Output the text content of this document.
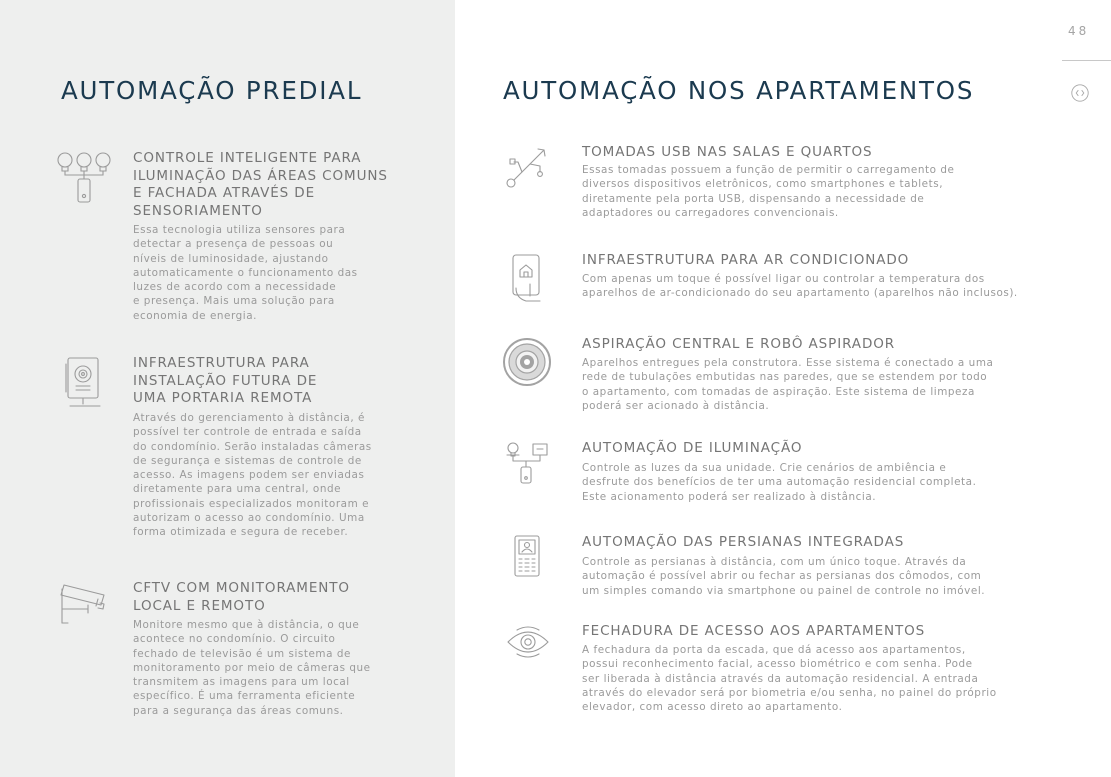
48
AUTOMAÇÃO PREDIAL	AUTOMAÇÃO NOS APARTAMENTOS
CONTROLE INTELIGENTE PARA
ILUMINAÇÃO DAS ÁREAS COMUNS
E FACHADA ATRAVÉS DE
SENSORIAMENTO
Essa tecnologia utiliza sensores para
detectar a presença de pessoas ou
níveis de luminosidade, ajustando
automaticamente o funcionamento das
luzes de acordo com a necessidade
e presença. Mais uma solução para
economia de energia.
INFRAESTRUTURA PARA
INSTALAÇÃO FUTURA DE
UMA PORTARIA REMOTA
Através do gerenciamento à distância, é
possível ter controle de entrada e saída
do condomínio. Serão instaladas câmeras
de segurança e sistemas de controle de
acesso. As imagens podem ser enviadas
diretamente para uma central, onde
profissionais especializados monitoram e
autorizam o acesso ao condomínio. Uma
forma otimizada e segura de receber.
CFTV COM MONITORAMENTO
LOCAL E REMOTO
Monitore mesmo que à distância, o que
acontece no condomínio. O circuito
fechado de televisão é um sistema de
monitoramento por meio de câmeras que
transmitem as imagens para um local
específico. É uma ferramenta eficiente
para a segurança das áreas comuns.
TOMADAS USB NAS SALAS E QUARTOS
Essas tomadas possuem a função de permitir o carregamento de
diversos dispositivos eletrônicos, como smartphones e tablets,
diretamente pela porta USB, dispensando a necessidade de
adaptadores ou carregadores convencionais.
INFRAESTRUTURA PARA AR CONDICIONADO
Com apenas um toque é possível ligar ou controlar a temperatura dos
aparelhos de ar-condicionado do seu apartamento (aparelhos não inclusos).
ASPIRAÇÃO CENTRAL E ROBÔ ASPIRADOR
Aparelhos entregues pela construtora. Esse sistema é conectado a uma
rede de tubulações embutidas nas paredes, que se estendem por todo
o apartamento, com tomadas de aspiração. Este sistema de limpeza
poderá ser acionado à distância.
AUTOMAÇÃO DE ILUMINAÇÃO
Controle as luzes da sua unidade. Crie cenários de ambiência e
desfrute dos benefícios de ter uma automação residencial completa.
Este acionamento poderá ser realizado à distância.
AUTOMAÇÃO DAS PERSIANAS INTEGRADAS
Controle as persianas à distância, com um único toque. Através da
automação é possível abrir ou fechar as persianas dos cômodos, com
um simples comando via smartphone ou painel de controle no imóvel.
FECHADURA DE ACESSO AOS APARTAMENTOS
A fechadura da porta da escada, que dá acesso aos apartamentos,
possui reconhecimento facial, acesso biométrico e com senha. Pode
ser liberada à distância através da automação residencial. A entrada
através do elevador será por biometria e/ou senha, no painel do próprio
elevador, com acesso direto ao apartamento.
